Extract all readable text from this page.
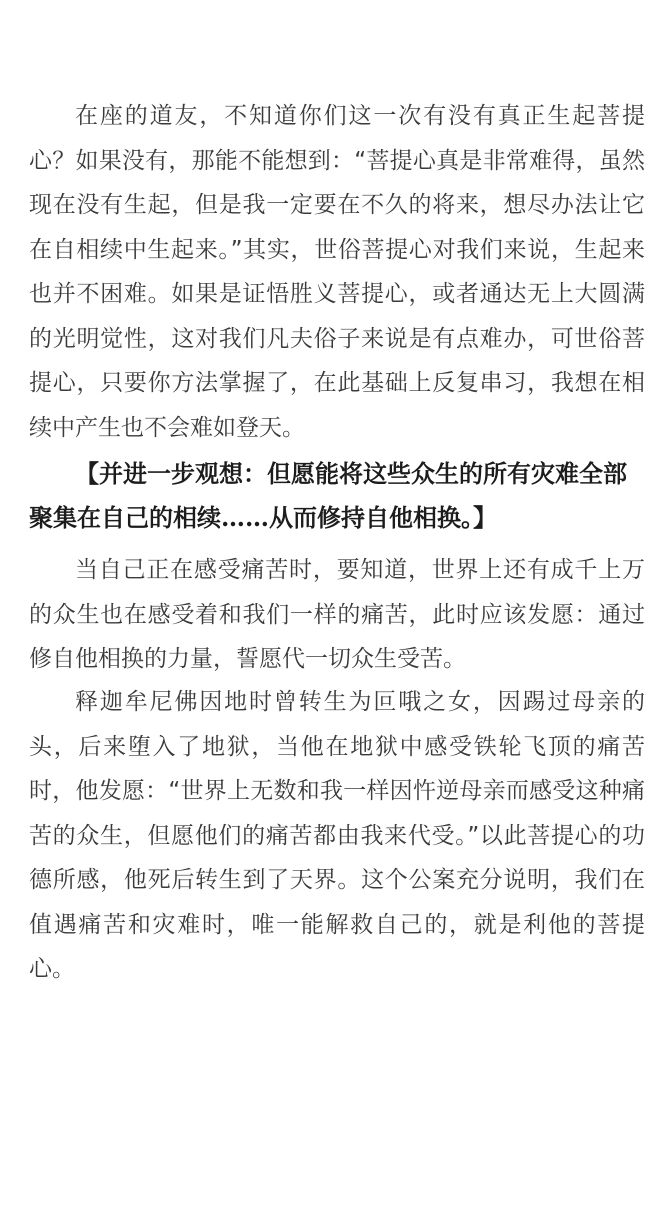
在座的道友，不知道你们这一次有没有真正生起菩提心？如果没有，那能不能想到：“菩提心真是非常难得，虽然现在没有生起，但是我一定要在不久的将来，想尽办法让它在自相续中生起来。”其实，世俗菩提心对我们来说，生起来也并不困难。如果是证悟胜义菩提心，或者通达无上大圆满的光明觉性，这对我们凡夫俗子来说是有点难办，可世俗菩提心，只要你方法掌握了，在此基础上反复串习，我想在相续中产生也不会难如登天。

【并进一步观想：但愿能将这些众生的所有灾难全部聚集在自己的相续……从而修持自他相换。】

当自己正在感受痛苦时，要知道，世界上还有成千上万的众生也在感受着和我们一样的痛苦，此时应该发愿：通过修自他相换的力量，誓愿代一切众生受苦。

释迦牟尼佛因地时曾转生为叵哦之女，因踢过母亲的头，后来堕入了地狱，当他在地狱中感受铁轮飞顶的痛苦时，他发愿：“世界上无数和我一样因忤逆母亲而感受这种痛苦的众生，但愿他们的痛苦都由我来代受。”以此菩提心的功德所感，他死后转生到了天界。这个公案充分说明，我们在值遇痛苦和灾难时，唯一能解救自己的，就是利他的菩提心。
